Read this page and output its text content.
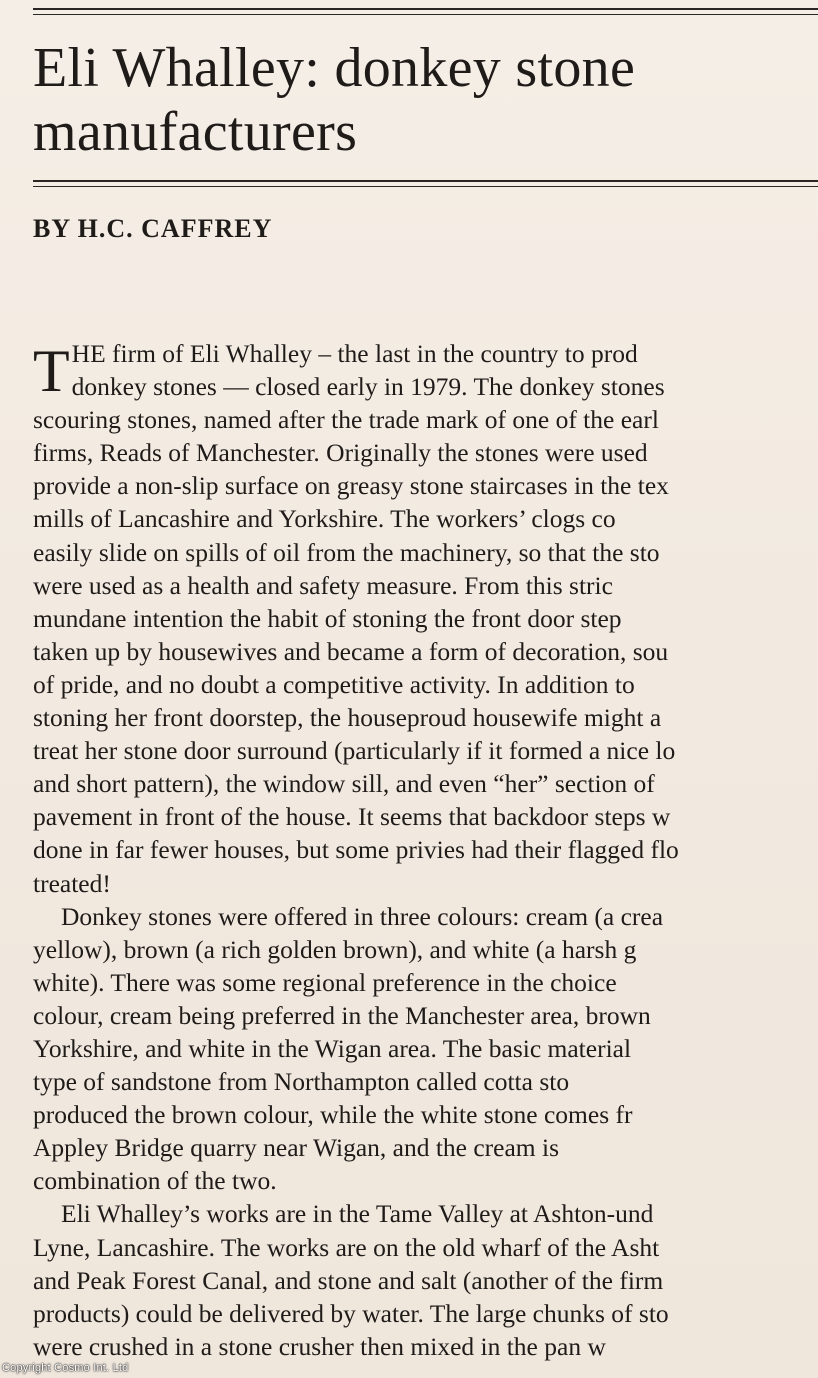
Eli Whalley: donkey stone
manufacturers
BY H.C. CAFFREY
T HE firm of Eli Whalley – the last in the country to prod
donkey stones — closed early in 1979. The donkey stones
scouring stones, named after the trade mark of one of the earl
firms, Reads of Manchester. Originally the stones were used
provide a non-slip surface on greasy stone staircases in the tex
mills of Lancashire and Yorkshire. The workers’ clogs co
easily slide on spills of oil from the machinery, so that the sto
were used as a health and safety measure. From this stric
mundane intention the habit of stoning the front door step
taken up by housewives and became a form of decoration, sou
of pride, and no doubt a competitive activity. In addition to
stoning her front doorstep, the houseproud housewife might a
treat her stone door surround (particularly if it formed a nice lo
and short pattern), the window sill, and even “her” section of
pavement in front of the house. It seems that backdoor steps w
done in far fewer houses, but some privies had their flagged flo
treated!
Donkey stones were offered in three colours: cream (a crea
yellow), brown (a rich golden brown), and white (a harsh g
white). There was some regional preference in the choice
colour, cream being preferred in the Manchester area, brown
Yorkshire, and white in the Wigan area. The basic material
type of sandstone from Northampton called cotta sto
produced the brown colour, while the white stone comes fr
Appley Bridge quarry near Wigan, and the cream is
combination of the two.
Eli Whalley’s works are in the Tame Valley at Ashton-und
Lyne, Lancashire. The works are on the old wharf of the Asht
and Peak Forest Canal, and stone and salt (another of the firm
products) could be delivered by water. The large chunks of sto
were crushed in a stone crusher then mixed in the pan w
Copyright Cosmo Int. Ltd
